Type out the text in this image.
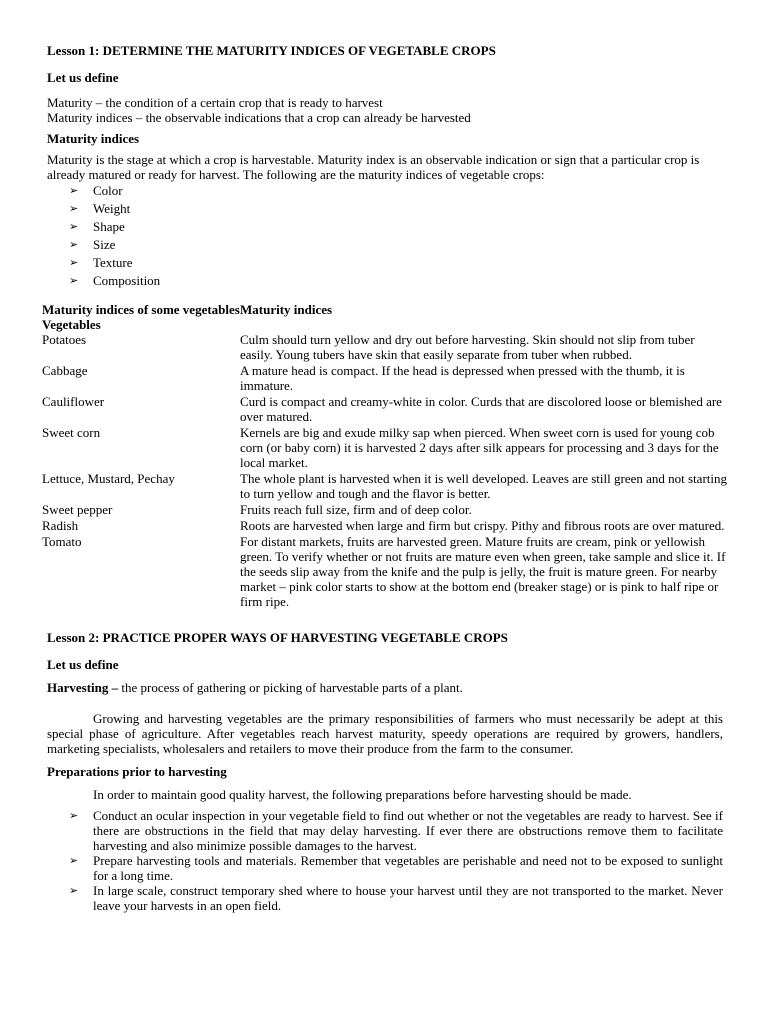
Lesson 1: DETERMINE THE MATURITY INDICES OF VEGETABLE CROPS
Let us define

Maturity – the condition of a certain crop that is ready to harvest

Maturity indices – the observable indications that a crop can already be harvested

Maturity indices

Maturity is the stage at which a crop is harvestable. Maturity index is an observable indication or sign that a particular crop is already matured or ready for harvest. The following are the maturity indices of vegetable crops:

➢ Color
➢ Weight
➢ Shape
➢ Size
➢ Texture
➢ Composition
Maturity indices of some vegetables Vegetables	Maturity indices
Potatoes	Culm should turn yellow and dry out before harvesting. Skin should not slip from tuber easily. Young tubers have skin that easily separate from tuber when rubbed.
Cabbage	A mature head is compact. If the head is depressed when pressed with the thumb, it is immature.
Cauliflower	Curd is compact and creamy-white in color. Curds that are discolored loose or blemished are over matured.
Sweet corn	Kernels are big and exude milky sap when pierced. When sweet corn is used for young cob corn (or baby corn) it is harvested 2 days after silk appears for processing and 3 days for the local market.
Lettuce, Mustard, Pechay	The whole plant is harvested when it is well developed. Leaves are still green and not starting to turn yellow and tough and the flavor is better.
Sweet pepper	Fruits reach full size, firm and of deep color.
Radish	Roots are harvested when large and firm but crispy. Pithy and fibrous roots are over matured.
Tomato	For distant markets, fruits are harvested green. Mature fruits are cream, pink or yellowish green. To verify whether or not fruits are mature even when green, take sample and slice it. If the seeds slip away from the knife and the pulp is jelly, the fruit is mature green. For nearby market – pink color starts to show at the bottom end (breaker stage) or is pink to half ripe or firm ripe.
Lesson 2: PRACTICE PROPER WAYS OF HARVESTING VEGETABLE CROPS
Let us define

Harvesting – the process of gathering or picking of harvestable parts of a plant.

Growing and harvesting vegetables are the primary responsibilities of farmers who must necessarily be adept at this special phase of agriculture. After vegetables reach harvest maturity, speedy operations are required by growers, handlers, marketing specialists, wholesalers and retailers to move their produce from the farm to the consumer.

Preparations prior to harvesting

In order to maintain good quality harvest, the following preparations before harvesting should be made.

➢ Conduct an ocular inspection in your vegetable field to find out whether or not the vegetables are ready to harvest. See if there are obstructions in the field that may delay harvesting. If ever there are obstructions remove them to facilitate harvesting and also minimize possible damages to the harvest.
➢ Prepare harvesting tools and materials. Remember that vegetables are perishable and need not to be exposed to sunlight for a long time.
➢ In large scale, construct temporary shed where to house your harvest until they are not transported to the market. Never leave your harvests in an open field.
